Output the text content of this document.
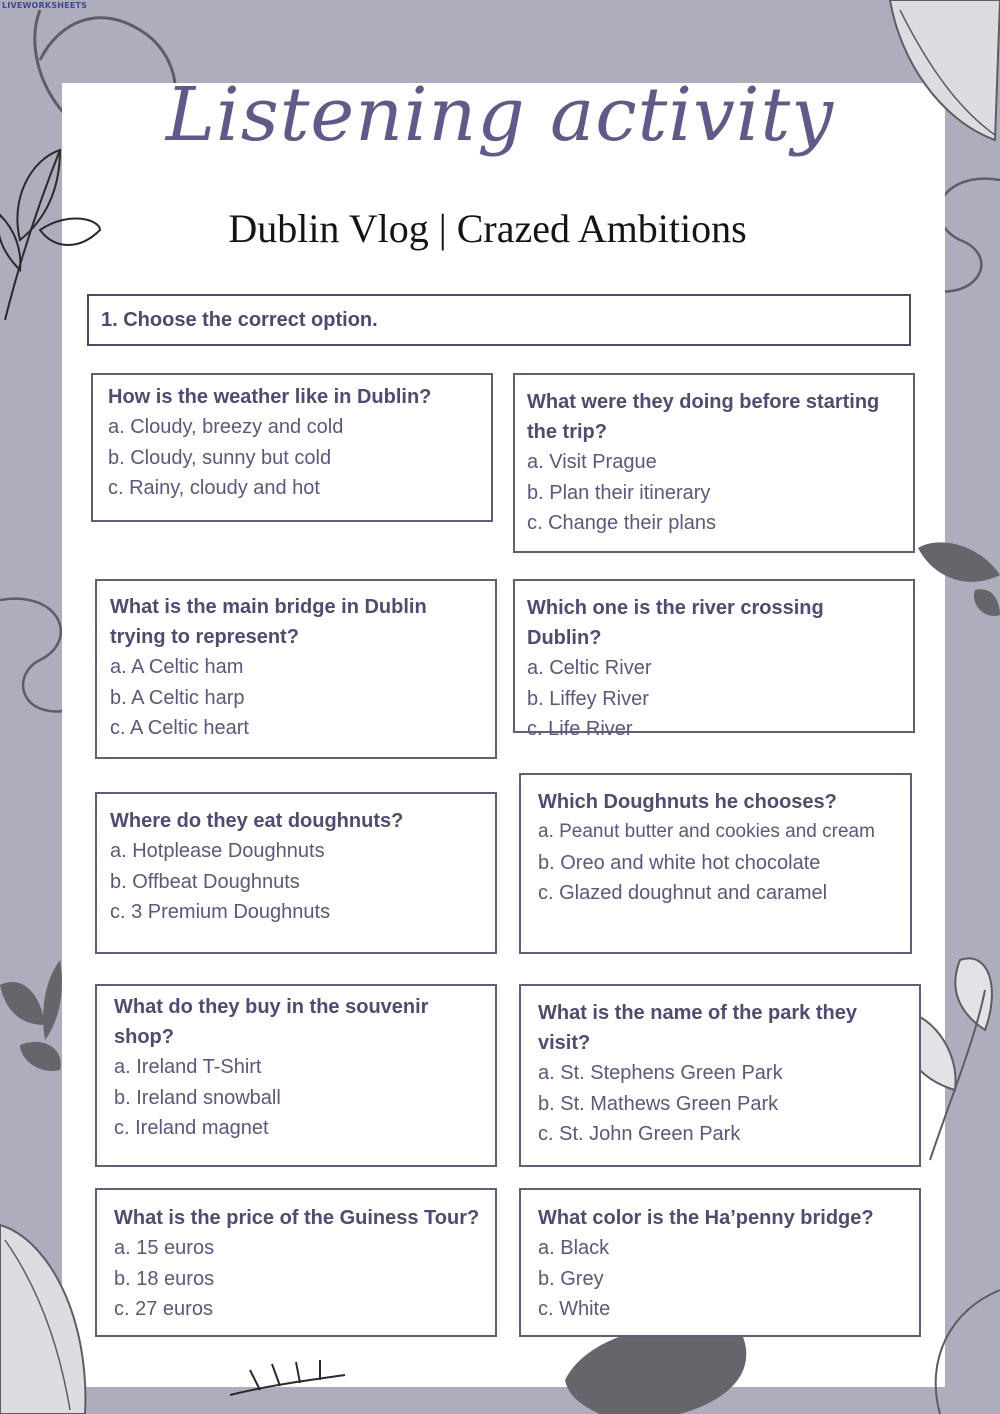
LIVEWORKSHEETS
Listening activity
Dublin Vlog | Crazed Ambitions
1. Choose the correct option.
How is the weather like in Dublin?
a. Cloudy, breezy and cold
b. Cloudy, sunny but cold
c. Rainy, cloudy and hot
What were they doing before starting the trip?
a. Visit Prague
b. Plan their itinerary
c. Change their plans
What is the main bridge in Dublin trying to represent?
a. A Celtic ham
b. A Celtic harp
c. A Celtic heart
Which one is the river crossing Dublin?
a. Celtic River
b. Liffey River
c. Life River
Where do they eat doughnuts?
a. Hotplease Doughnuts
b. Offbeat Doughnuts
c. 3 Premium Doughnuts
Which Doughnuts he chooses?
a. Peanut butter and cookies and cream
b. Oreo and white hot chocolate
c. Glazed doughnut and caramel
What do they buy in the souvenir shop?
a. Ireland T-Shirt
b. Ireland snowball
c. Ireland magnet
What is the name of the park they visit?
a. St. Stephens Green Park
b. St. Mathews Green Park
c. St. John Green Park
What is the price of the Guiness Tour?
a. 15 euros
b. 18 euros
c. 27 euros
What color is the Ha’penny bridge?
a. Black
b. Grey
c. White
